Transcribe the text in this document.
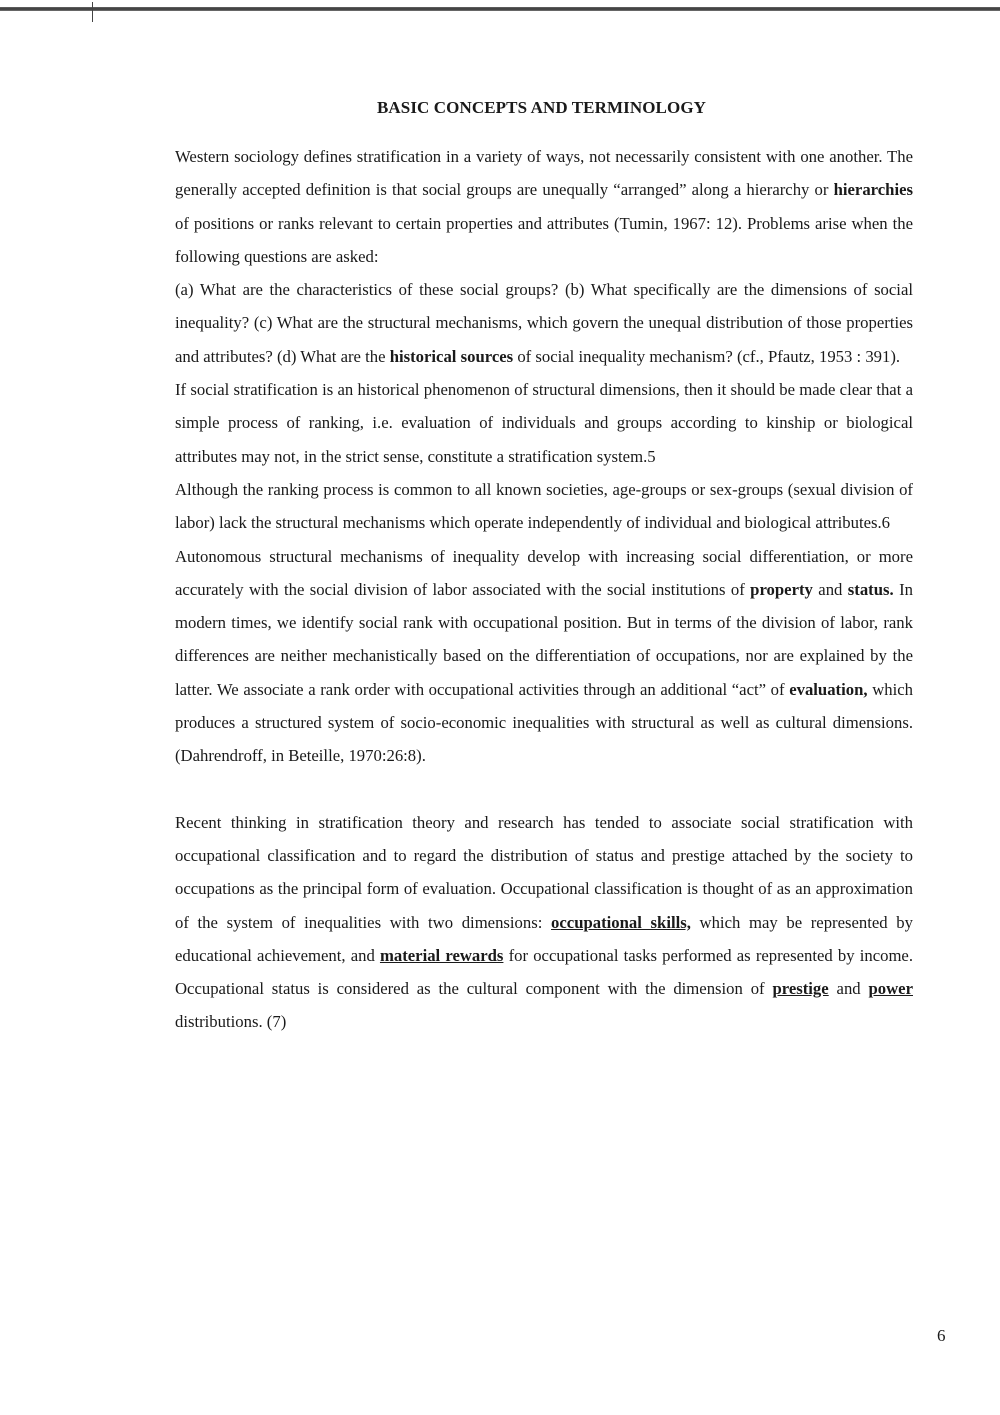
BASIC CONCEPTS AND TERMINOLOGY

Western sociology defines stratification in a variety of ways, not necessarily consistent with one another. The generally accepted definition is that social groups are unequally “arranged” along a hierarchy or hierarchies of positions or ranks relevant to certain properties and attributes (Tumin, 1967: 12). Problems arise when the following questions are asked:

(a) What are the characteristics of these social groups? (b) What specifically are the dimensions of social inequality? (c) What are the structural mechanisms, which govern the unequal distribution of those properties and attributes? (d) What are the historical sources of social inequality mechanism? (cf., Pfautz, 1953 : 391).

If social stratification is an historical phenomenon of structural dimensions, then it should be made clear that a simple process of ranking, i.e. evaluation of individuals and groups according to kinship or biological attributes may not, in the strict sense, constitute a stratification system.5

Although the ranking process is common to all known societies, age-groups or sex-groups (sexual division of labor) lack the structural mechanisms which operate independently of individual and biological attributes.6

Autonomous structural mechanisms of inequality develop with increasing social differentiation, or more accurately with the social division of labor associated with the social institutions of property and status. In modern times, we identify social rank with occupational position. But in terms of the division of labor, rank differences are neither mechanistically based on the differentiation of occupations, nor are explained by the latter. We associate a rank order with occupational activities through an additional “act” of evaluation, which produces a structured system of socio-economic inequalities with structural as well as cultural dimensions. (Dahrendroff, in Beteille, 1970:26:8).

Recent thinking in stratification theory and research has tended to associate social stratification with occupational classification and to regard the distribution of status and prestige attached by the society to occupations as the principal form of evaluation. Occupational classification is thought of as an approximation of the system of inequalities with two dimensions: occupational skills, which may be represented by educational achievement, and material rewards for occupational tasks performed as represented by income. Occupational status is considered as the cultural component with the dimension of prestige and power distributions. (7)

6
